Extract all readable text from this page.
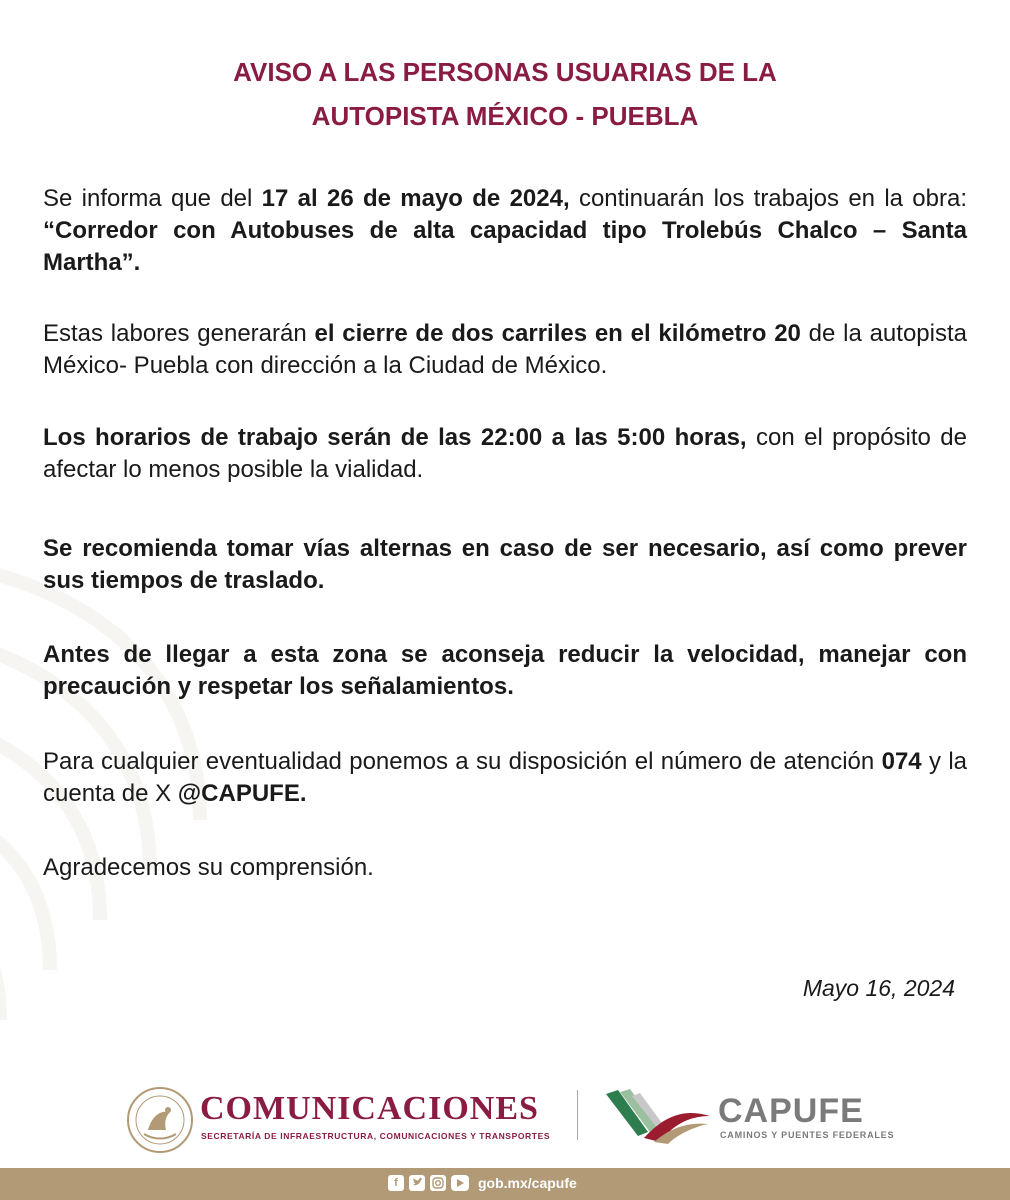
AVISO A LAS PERSONAS USUARIAS DE LA
AUTOPISTA MÉXICO - PUEBLA

Se informa que del 17 al 26 de mayo de 2024, continuarán los trabajos en la obra: “Corredor con Autobuses de alta capacidad tipo Trolebús Chalco – Santa Martha”.

Estas labores generarán el cierre de dos carriles en el kilómetro 20 de la autopista México- Puebla con dirección a la Ciudad de México.

Los horarios de trabajo serán de las 22:00 a las 5:00 horas, con el propósito de afectar lo menos posible la vialidad.

Se recomienda tomar vías alternas en caso de ser necesario, así como prever sus tiempos de traslado.

Antes de llegar a esta zona se aconseja reducir la velocidad, manejar con precaución y respetar los señalamientos.

Para cualquier eventualidad ponemos a su disposición el número de atención 074 y la cuenta de X @CAPUFE.

Agradecemos su comprensión.

Mayo 16, 2024
COMUNICACIONES
SECRETARÍA DE INFRAESTRUCTURA, COMUNICACIONES Y TRANSPORTES
CAPUFE
CAMINOS Y PUENTES FEDERALES
f	gob.mx/capufe
